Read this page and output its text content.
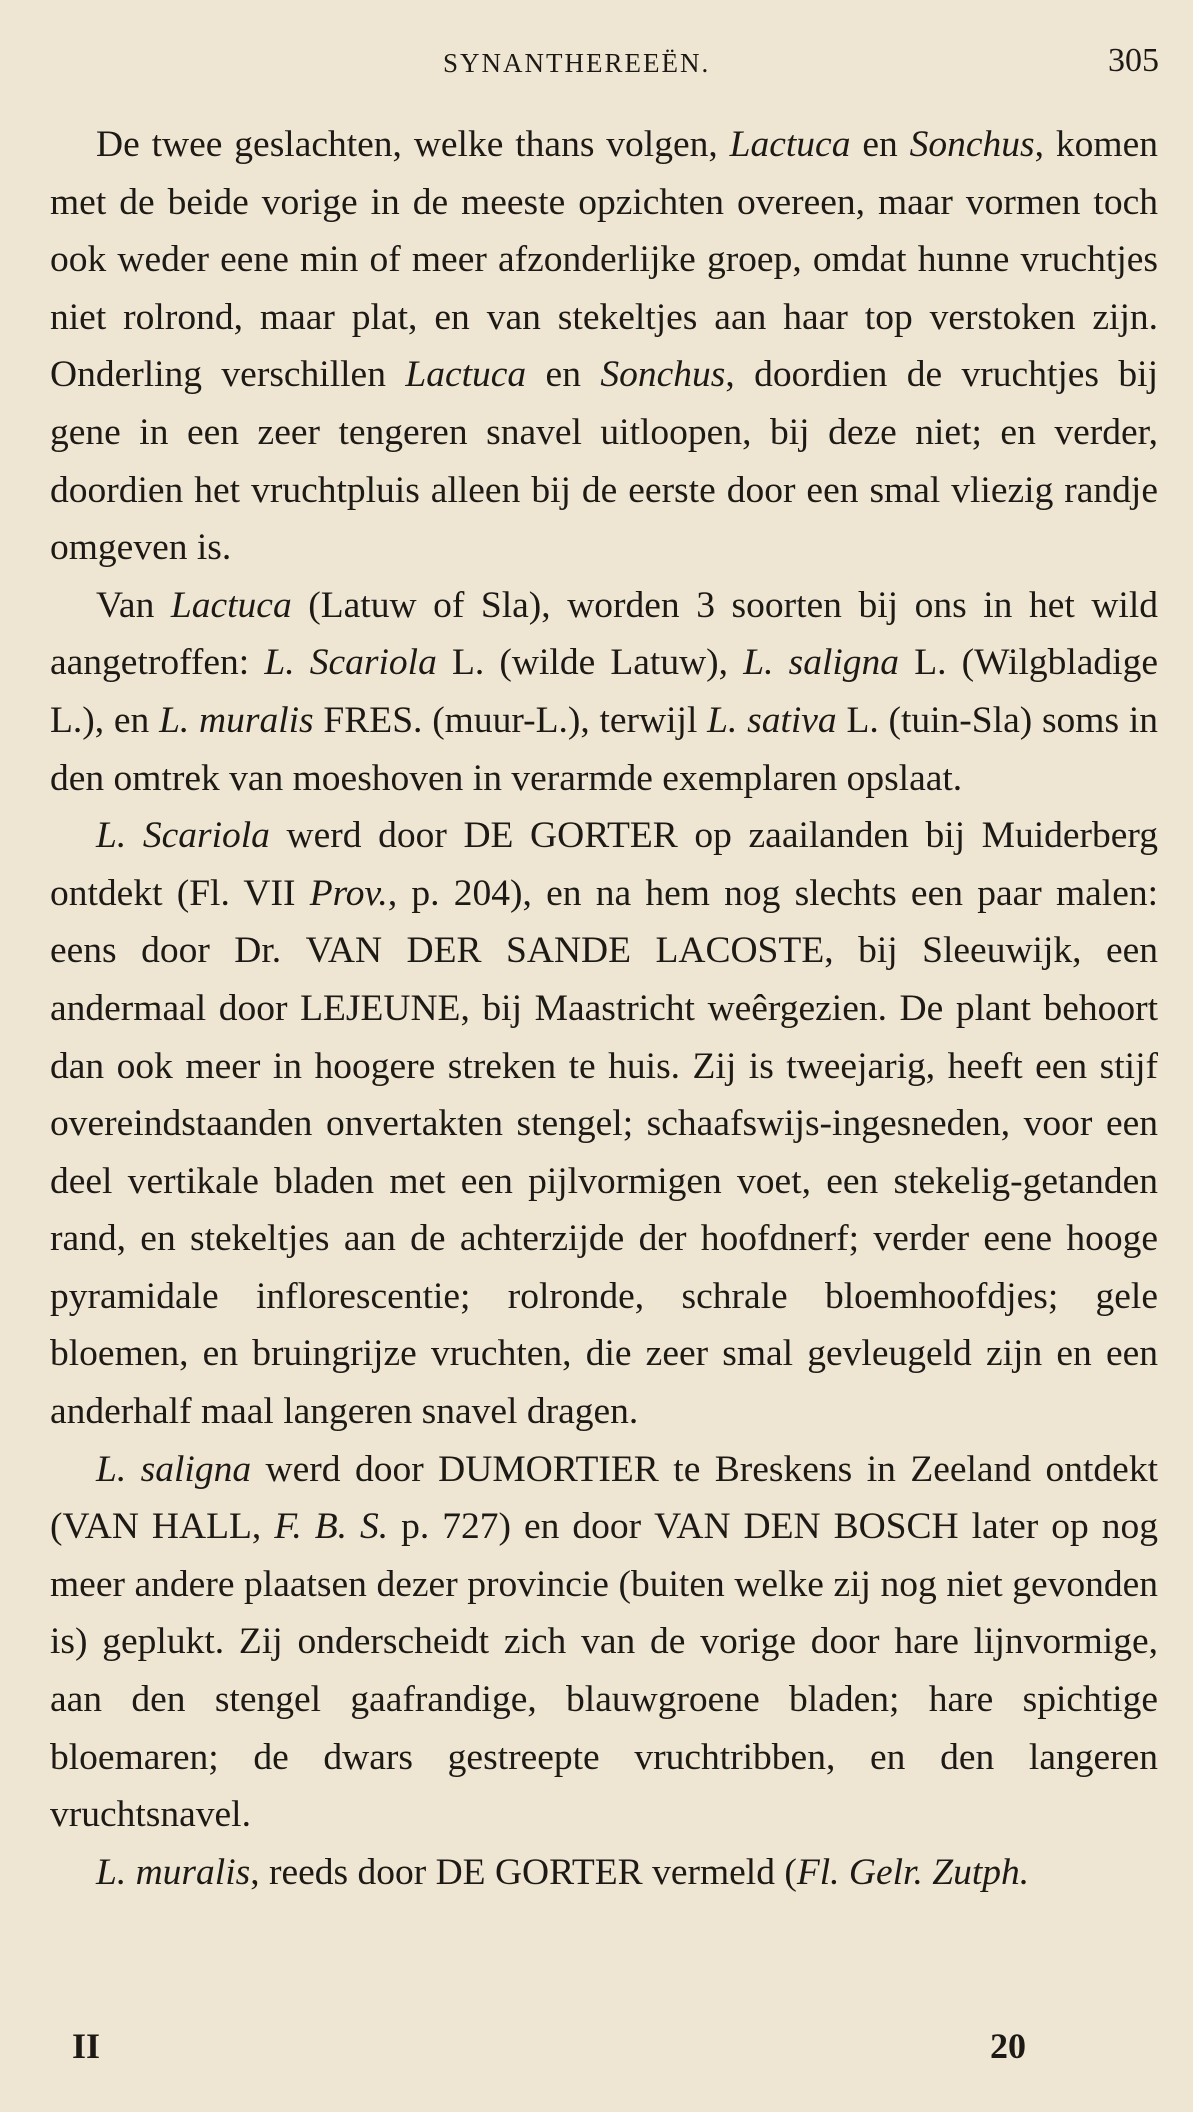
SYNANTHEREEËN.	305

De twee geslachten, welke thans volgen, Lactuca en Sonchus, komen met de beide vorige in de meeste opzichten overeen, maar vormen toch ook weder eene min of meer afzonderlijke groep, omdat hunne vruchtjes niet rolrond, maar plat, en van stekeltjes aan haar top verstoken zijn. Onderling verschillen Lactuca en Sonchus, doordien de vruchtjes bij gene in een zeer tengeren snavel uitloopen, bij deze niet; en verder, doordien het vruchtpluis alleen bij de eerste door een smal vliezig randje omgeven is.

Van Lactuca (Latuw of Sla), worden 3 soorten bij ons in het wild aangetroffen: L. Scariola L. (wilde Latuw), L. saligna L. (Wilgbladige L.), en L. muralis FRES. (muur-L.), terwijl L. sativa L. (tuin-Sla) soms in den omtrek van moeshoven in verarmde exemplaren opslaat.

L. Scariola werd door DE GORTER op zaailanden bij Muiderberg ontdekt (Fl. VII Prov., p. 204), en na hem nog slechts een paar malen: eens door Dr. VAN DER SANDE LACOSTE, bij Sleeuwijk, een andermaal door LEJEUNE, bij Maastricht weêrgezien. De plant behoort dan ook meer in hoogere streken te huis. Zij is tweejarig, heeft een stijf overeindstaanden onvertakten stengel; schaafswijs-ingesneden, voor een deel vertikale bladen met een pijlvormigen voet, een stekelig-getanden rand, en stekeltjes aan de achterzijde der hoofdnerf; verder eene hooge pyramidale inflorescentie; rolronde, schrale bloemhoofdjes; gele bloemen, en bruingrijze vruchten, die zeer smal gevleugeld zijn en een anderhalf maal langeren snavel dragen.

L. saligna werd door DUMORTIER te Breskens in Zeeland ontdekt (VAN HALL, F. B. S. p. 727) en door VAN DEN BOSCH later op nog meer andere plaatsen dezer provincie (buiten welke zij nog niet gevonden is) geplukt. Zij onderscheidt zich van de vorige door hare lijnvormige, aan den stengel gaafrandige, blauwgroene bladen; hare spichtige bloemaren; de dwars gestreepte vruchtribben, en den langeren vruchtsnavel.

L. muralis, reeds door DE GORTER vermeld (Fl. Gelr. Zutph.

II	20
